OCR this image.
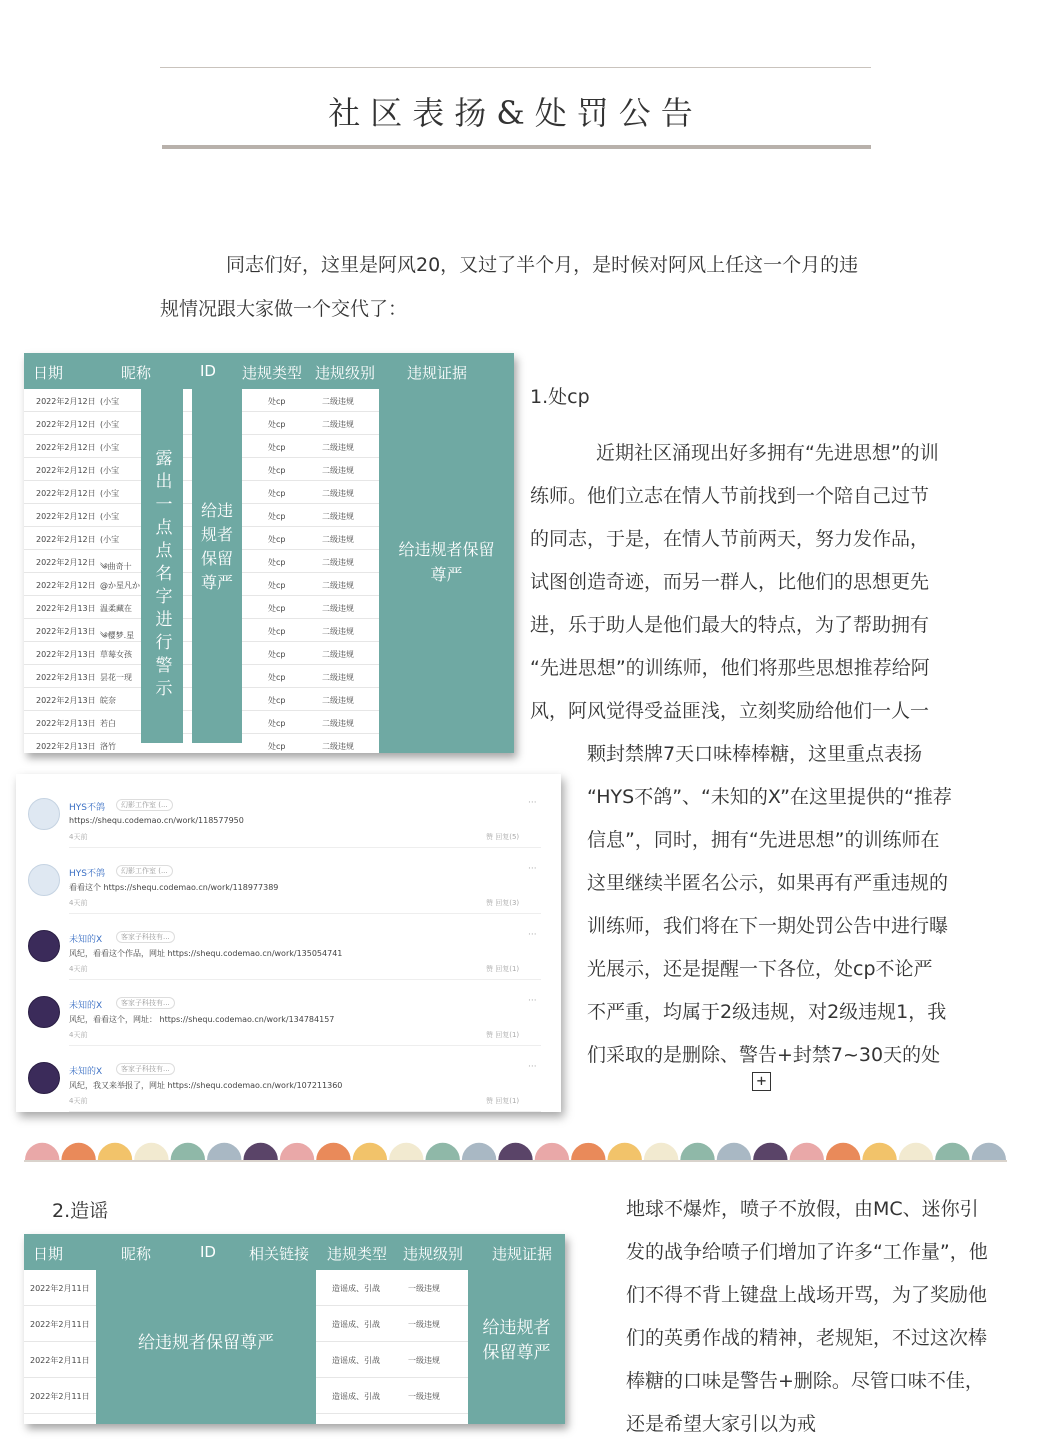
社区表扬&处罚公告
同志们好，这里是阿风20，又过了半个月，是时候对阿风上任这一个月的违规情况跟大家做一个交代了：
日期	昵称	ID 违规类型 违规级别 违规证据
2022年2月12日 (小宝	处cp	二级违规
2022年2月12日 (小宝	处cp	二级违规
2022年2月12日 (小宝	处cp	二级违规
2022年2月12日 (小宝	处cp	二级违规
2022年2月12日 (小宝	处cp	二级违规
2022年2月12日 (小宝	处cp	二级违规
2022年2月12日 (小宝	处cp	二级违规
2022年2月12日 ༄曲奇十	处cp	二级违规
2022年2月12日 @か星凡か	处cp	二级违规
2022年2月13日 温柔藏在	处cp	二级违规
2022年2月13日 ༄樱梦.星	处cp	二级违规
2022年2月13日 草莓女孩	处cp	二级违规
2022年2月13日 昙花一现	处cp	二级违规
2022年2月13日 皖奈	处cp	二级违规
2022年2月13日 若白	处cp	二级违规
2022年2月13日 洛竹	处cp	二级违规
露出一点点名字进行警示	给违规者保留尊严
给违规者保留尊严
1.处cp
近期社区涌现出好多拥有“先进思想”的训
练师。他们立志在情人节前找到一个陪自己过节
的同志，于是，在情人节前两天，努力发作品，
试图创造奇迹，而另一群人，比他们的思想更先
进，乐于助人是他们最大的特点，为了帮助拥有
“先进思想”的训练师，他们将那些思想推荐给阿
风，阿风觉得受益匪浅，立刻奖励给他们一人一
颗封禁牌7天口味棒棒糖，这里重点表扬
“HYS不鸽”、“未知的X”在这里提供的“推荐
信息”，同时，拥有“先进思想”的训练师在
这里继续半匿名公示，如果再有严重违规的
训练师，我们将在下一期处罚公告中进行曝
光展示，还是提醒一下各位，处cp不论严
不严重，均属于2级违规，对2级违规1，我
们采取的是删除、警告+封禁7~30天的处
HYS不鸽	幻影工作室 (...
https://shequ.codemao.cn/work/118577950
4天前
···
赞 回复(5)
HYS不鸽	幻影工作室 (...
看看这个 https://shequ.codemao.cn/work/118977389
4天前
···
赞 回复(3)
未知的X	客家子科技有...
风纪，看看这个作品，网址 https://shequ.codemao.cn/work/135054741
4天前
···
赞 回复(1)
未知的X	客家子科技有...
风纪，看看这个，网址： https://shequ.codemao.cn/work/134784157
4天前
···
赞 回复(1)
未知的X	客家子科技有...
风纪，我又来举报了，网址 https://shequ.codemao.cn/work/107211360
4天前
···
赞 回复(1)
+
2.造谣	地球不爆炸，喷子不放假，由MC、迷你引
发的战争给喷子们增加了许多“工作量”，他
们不得不背上键盘上战场开骂，为了奖励他
们的英勇作战的精神，老规矩，不过这次棒
棒糖的口味是警告+删除。尽管口味不佳，
还是希望大家引以为戒
日期	昵称	ID 相关链接 违规类型 违规级别 违规证据
2022年2月11日	造谣成、引战	一级违规
2022年2月11日	造谣成、引战	一级违规
2022年2月11日	造谣成、引战	一级违规
2022年2月11日	造谣成、引战	一级违规
给违规者保留尊严
给违规者保留尊严
